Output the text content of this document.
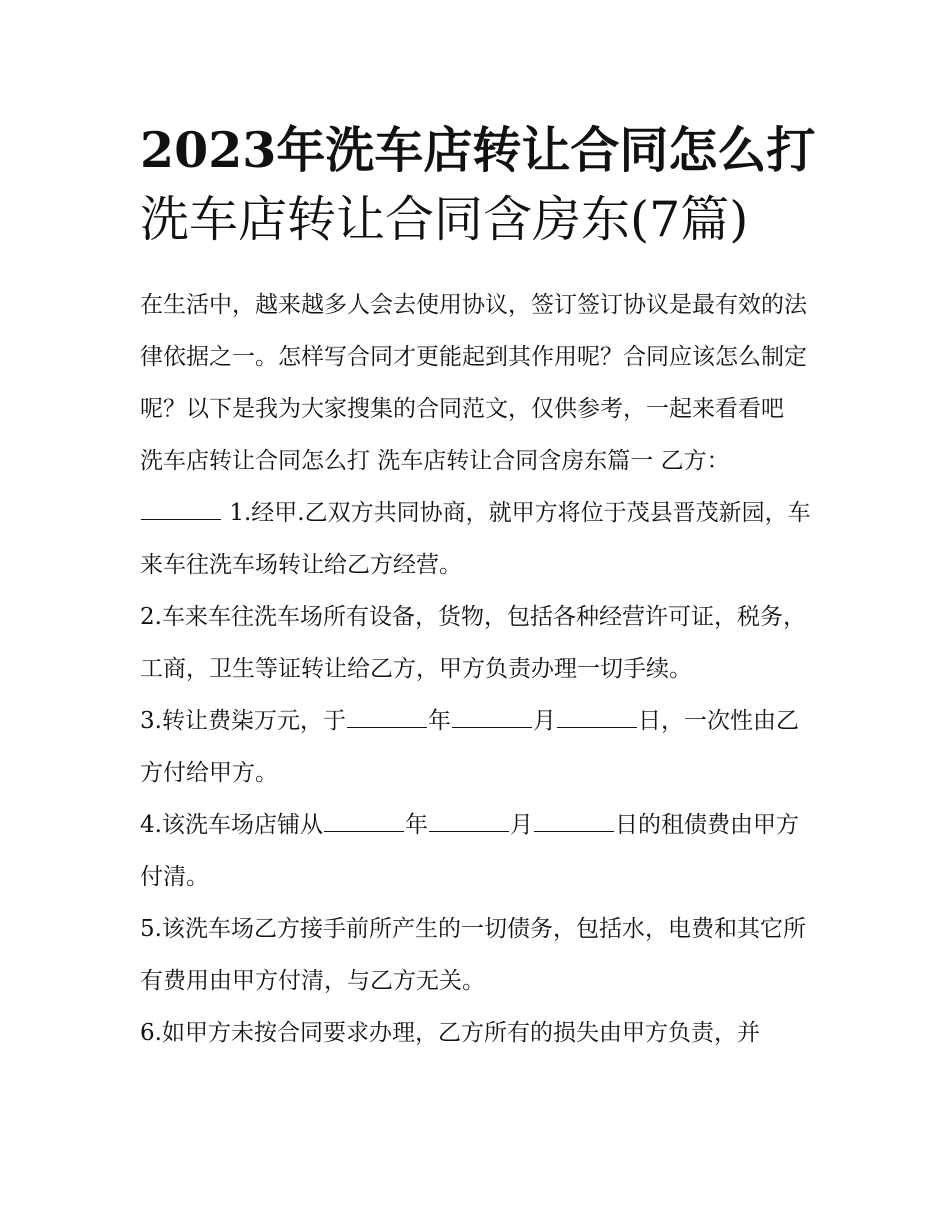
2023年洗车店转让合同怎么打
洗车店转让合同含房东(7篇)

在生活中，越来越多人会去使用协议，签订签订协议是最有效的法律依据之一。怎样写合同才更能起到其作用呢？合同应该怎么制定呢？以下是我为大家搜集的合同范文，仅供参考，一起来看看吧

洗车店转让合同怎么打 洗车店转让合同含房东篇一 乙方：

1.经甲.乙双方共同协商，就甲方将位于茂县晋茂新园，车来车往洗车场转让给乙方经营。

2.车来车往洗车场所有设备，货物，包括各种经营许可证，税务，工商，卫生等证转让给乙方，甲方负责办理一切手续。

3.转让费柒万元，于	年	月	日，一次性由乙方付给甲方。

4.该洗车场店铺从	年	月	日的租债费由甲方付清。

5.该洗车场乙方接手前所产生的一切债务，包括水，电费和其它所有费用由甲方付清，与乙方无关。

6.如甲方未按合同要求办理，乙方所有的损失由甲方负责，并
